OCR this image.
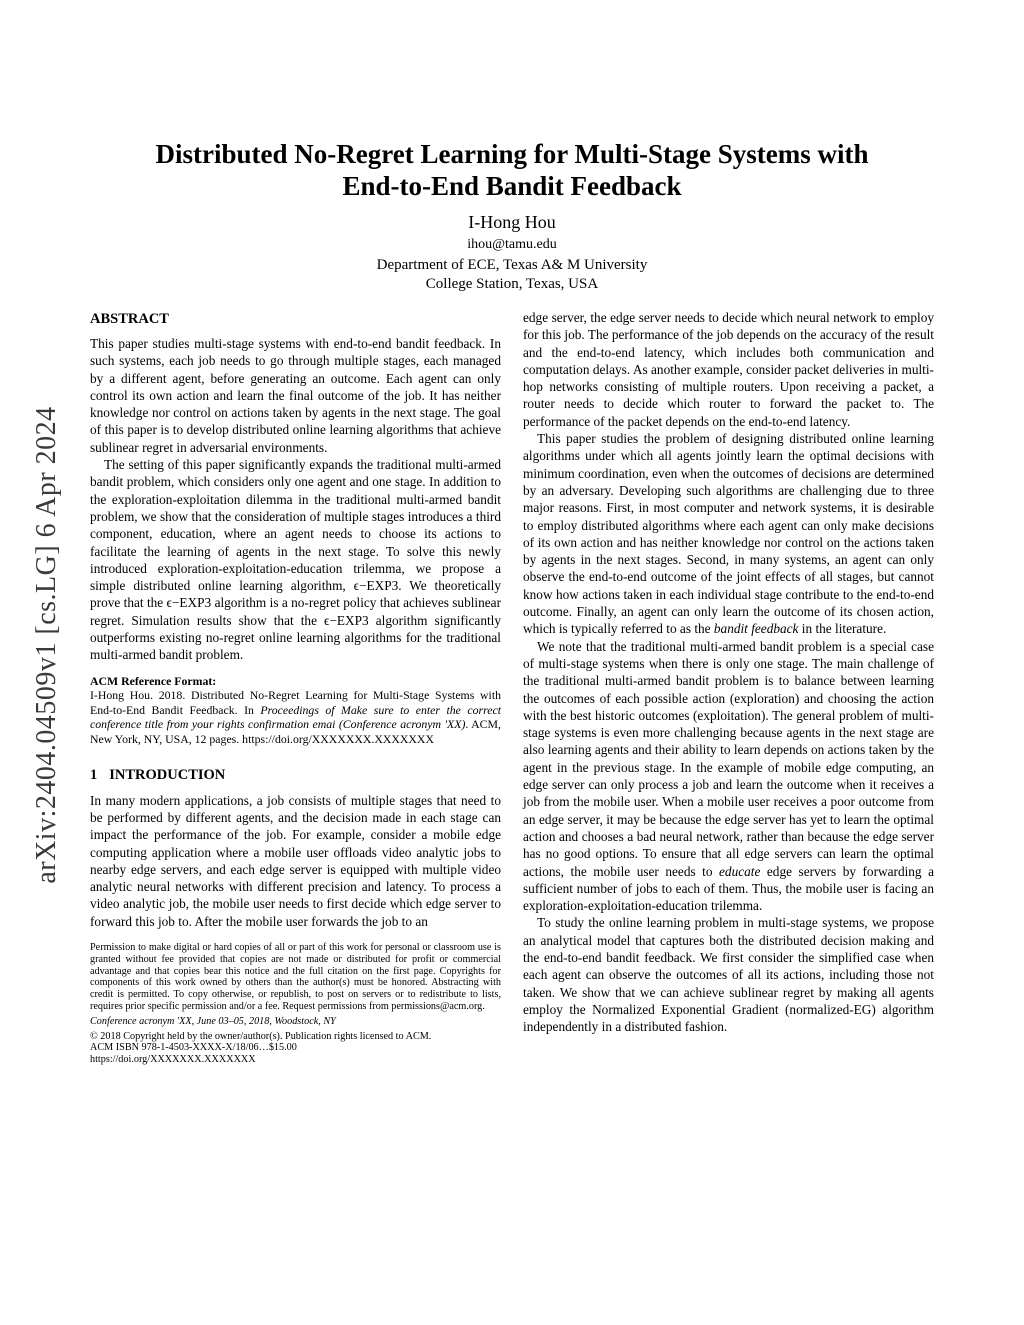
arXiv:2404.04509v1 [cs.LG] 6 Apr 2024
Distributed No-Regret Learning for Multi-Stage Systems with
End-to-End Bandit Feedback
I-Hong Hou
ihou@tamu.edu
Department of ECE, Texas A& M University
College Station, Texas, USA
ABSTRACT

This paper studies multi-stage systems with end-to-end bandit feedback. In such systems, each job needs to go through multiple stages, each managed by a different agent, before generating an outcome. Each agent can only control its own action and learn the final outcome of the job. It has neither knowledge nor control on actions taken by agents in the next stage. The goal of this paper is to develop distributed online learning algorithms that achieve sublinear regret in adversarial environments.

The setting of this paper significantly expands the traditional multi-armed bandit problem, which considers only one agent and one stage. In addition to the exploration-exploitation dilemma in the traditional multi-armed bandit problem, we show that the consideration of multiple stages introduces a third component, education, where an agent needs to choose its actions to facilitate the learning of agents in the next stage. To solve this newly introduced exploration-exploitation-education trilemma, we propose a simple distributed online learning algorithm, ϵ−EXP3. We theoretically prove that the ϵ−EXP3 algorithm is a no-regret policy that achieves sublinear regret. Simulation results show that the ϵ−EXP3 algorithm significantly outperforms existing no-regret online learning algorithms for the traditional multi-armed bandit problem.

ACM Reference Format:

I-Hong Hou. 2018. Distributed No-Regret Learning for Multi-Stage Systems with End-to-End Bandit Feedback. In Proceedings of Make sure to enter the correct conference title from your rights confirmation emai (Conference acronym 'XX). ACM, New York, NY, USA, 12 pages. https://doi.org/XXXXXXX.XXXXXXX

1 INTRODUCTION

In many modern applications, a job consists of multiple stages that need to be performed by different agents, and the decision made in each stage can impact the performance of the job. For example, consider a mobile edge computing application where a mobile user offloads video analytic jobs to nearby edge servers, and each edge server is equipped with multiple video analytic neural networks with different precision and latency. To process a video analytic job, the mobile user needs to first decide which edge server to forward this job to. After the mobile user forwards the job to an

Permission to make digital or hard copies of all or part of this work for personal or classroom use is granted without fee provided that copies are not made or distributed for profit or commercial advantage and that copies bear this notice and the full citation on the first page. Copyrights for components of this work owned by others than the author(s) must be honored. Abstracting with credit is permitted. To copy otherwise, or republish, to post on servers or to redistribute to lists, requires prior specific permission and/or a fee. Request permissions from permissions@acm.org.

Conference acronym 'XX, June 03–05, 2018, Woodstock, NY

© 2018 Copyright held by the owner/author(s). Publication rights licensed to ACM.

ACM ISBN 978-1-4503-XXXX-X/18/06…$15.00

https://doi.org/XXXXXXX.XXXXXXX

edge server, the edge server needs to decide which neural network to employ for this job. The performance of the job depends on the accuracy of the result and the end-to-end latency, which includes both communication and computation delays. As another example, consider packet deliveries in multi-hop networks consisting of multiple routers. Upon receiving a packet, a router needs to decide which router to forward the packet to. The performance of the packet depends on the end-to-end latency.

This paper studies the problem of designing distributed online learning algorithms under which all agents jointly learn the optimal decisions with minimum coordination, even when the outcomes of decisions are determined by an adversary. Developing such algorithms are challenging due to three major reasons. First, in most computer and network systems, it is desirable to employ distributed algorithms where each agent can only make decisions of its own action and has neither knowledge nor control on the actions taken by agents in the next stages. Second, in many systems, an agent can only observe the end-to-end outcome of the joint effects of all stages, but cannot know how actions taken in each individual stage contribute to the end-to-end outcome. Finally, an agent can only learn the outcome of its chosen action, which is typically referred to as the bandit feedback in the literature.

We note that the traditional multi-armed bandit problem is a special case of multi-stage systems when there is only one stage. The main challenge of the traditional multi-armed bandit problem is to balance between learning the outcomes of each possible action (exploration) and choosing the action with the best historic outcomes (exploitation). The general problem of multi-stage systems is even more challenging because agents in the next stage are also learning agents and their ability to learn depends on actions taken by the agent in the previous stage. In the example of mobile edge computing, an edge server can only process a job and learn the outcome when it receives a job from the mobile user. When a mobile user receives a poor outcome from an edge server, it may be because the edge server has yet to learn the optimal action and chooses a bad neural network, rather than because the edge server has no good options. To ensure that all edge servers can learn the optimal actions, the mobile user needs to educate edge servers by forwarding a sufficient number of jobs to each of them. Thus, the mobile user is facing an exploration-exploitation-education trilemma.

To study the online learning problem in multi-stage systems, we propose an analytical model that captures both the distributed decision making and the end-to-end bandit feedback. We first consider the simplified case when each agent can observe the outcomes of all its actions, including those not taken. We show that we can achieve sublinear regret by making all agents employ the Normalized Exponential Gradient (normalized-EG) algorithm independently in a distributed fashion.
